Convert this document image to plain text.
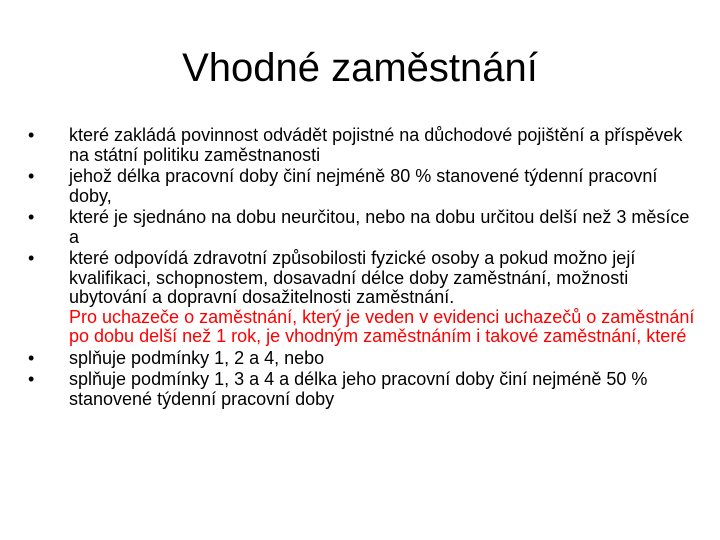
Vhodné zaměstnání
•	které zakládá povinnost odvádět pojistné na důchodové pojištění a příspěvek na státní politiku zaměstnanosti
•	jehož délka pracovní doby činí nejméně 80 % stanovené týdenní pracovní doby,
•	které je sjednáno na dobu neurčitou, nebo na dobu určitou delší než 3 měsíce a
•	které odpovídá zdravotní způsobilosti fyzické osoby a pokud možno její kvalifikaci, schopnostem, dosavadní délce doby zaměstnání, možnosti ubytování a dopravní dosažitelnosti zaměstnání.
Pro uchazeče o zaměstnání, který je veden v evidenci uchazečů o zaměstnání po dobu delší než 1 rok, je vhodným zaměstnáním i takové zaměstnání, které
•	splňuje podmínky 1, 2 a 4, nebo
•	splňuje podmínky 1, 3 a 4 a délka jeho pracovní doby činí nejméně 50 % stanovené týdenní pracovní doby
